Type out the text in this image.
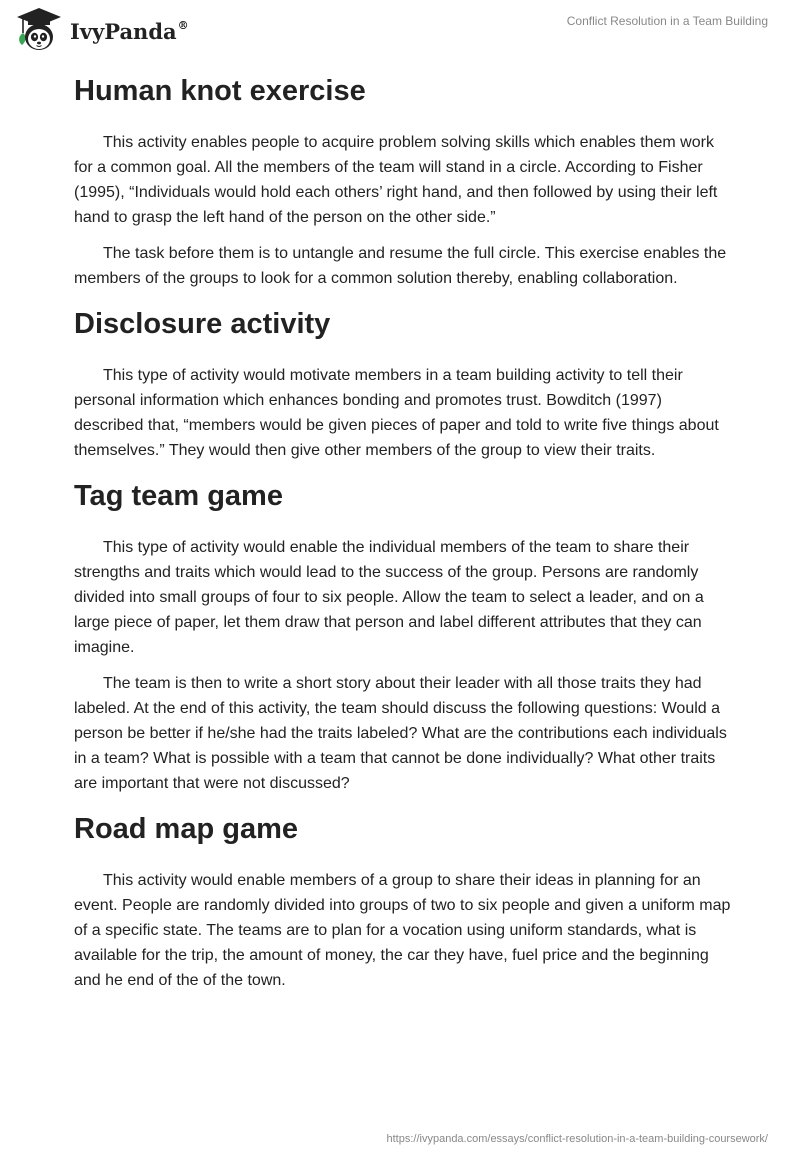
IvyPanda®	Conflict Resolution in a Team Building
Human knot exercise

This activity enables people to acquire problem solving skills which enables them work for a common goal. All the members of the team will stand in a circle. According to Fisher (1995), “Individuals would hold each others’ right hand, and then followed by using their left hand to grasp the left hand of the person on the other side.”

The task before them is to untangle and resume the full circle. This exercise enables the members of the groups to look for a common solution thereby, enabling collaboration.

Disclosure activity

This type of activity would motivate members in a team building activity to tell their personal information which enhances bonding and promotes trust. Bowditch (1997) described that, “members would be given pieces of paper and told to write five things about themselves.” They would then give other members of the group to view their traits.

Tag team game

This type of activity would enable the individual members of the team to share their strengths and traits which would lead to the success of the group. Persons are randomly divided into small groups of four to six people. Allow the team to select a leader, and on a large piece of paper, let them draw that person and label different attributes that they can imagine.

The team is then to write a short story about their leader with all those traits they had labeled. At the end of this activity, the team should discuss the following questions: Would a person be better if he/she had the traits labeled? What are the contributions each individuals in a team? What is possible with a team that cannot be done individually? What other traits are important that were not discussed?

Road map game

This activity would enable members of a group to share their ideas in planning for an event. People are randomly divided into groups of two to six people and given a uniform map of a specific state. The teams are to plan for a vocation using uniform standards, what is available for the trip, the amount of money, the car they have, fuel price and the beginning and he end of the of the town.

https://ivypanda.com/essays/conflict-resolution-in-a-team-building-coursework/
